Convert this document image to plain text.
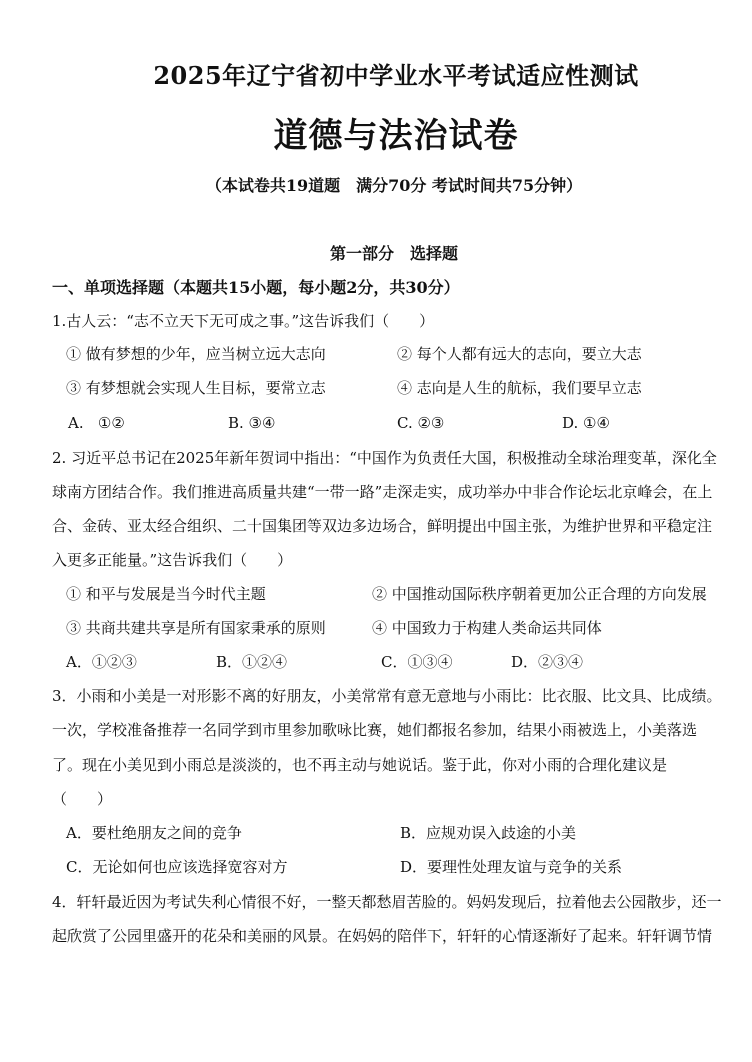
2025年辽宁省初中学业水平考试适应性测试
道德与法治试卷
（本试卷共19道题　满分70分 考试时间共75分钟）
第一部分　选择题
一、单项选择题（本题共15小题，每小题2分，共30分）
1.古人云：“志不立天下无可成之事。”这告诉我们（　　）
① 做有梦想的少年，应当树立远大志向	② 每个人都有远大的志向，要立大志
③ 有梦想就会实现人生目标，要常立志	④ 志向是人生的航标，我们要早立志
A.   ①②	B. ③④	C. ②③	D. ①④
2. 习近平总书记在2025年新年贺词中指出：“中国作为负责任大国，积极推动全球治理变革，深化全
球南方团结合作。我们推进高质量共建“一带一路”走深走实，成功举办中非合作论坛北京峰会，在上
合、金砖、亚太经合组织、二十国集团等双边多边场合，鲜明提出中国主张，为维护世界和平稳定注
入更多正能量。”这告诉我们（　　）
① 和平与发展是当今时代主题	② 中国推动国际秩序朝着更加公正合理的方向发展
③ 共商共建共享是所有国家秉承的原则	④ 中国致力于构建人类命运共同体
A．①②③	B．①②④	C．①③④	D．②③④
3．小雨和小美是一对形影不离的好朋友，小美常常有意无意地与小雨比：比衣服、比文具、比成绩。
一次，学校准备推荐一名同学到市里参加歌咏比赛，她们都报名参加，结果小雨被选上，小美落选
了。现在小美见到小雨总是淡淡的，也不再主动与她说话。鉴于此，你对小雨的合理化建议是
（　　）
A．要杜绝朋友之间的竞争	B．应规劝误入歧途的小美
C．无论如何也应该选择宽容对方	D．要理性处理友谊与竞争的关系
4．轩轩最近因为考试失利心情很不好，一整天都愁眉苦脸的。妈妈发现后，拉着他去公园散步，还一
起欣赏了公园里盛开的花朵和美丽的风景。在妈妈的陪伴下，轩轩的心情逐渐好了起来。轩轩调节情
